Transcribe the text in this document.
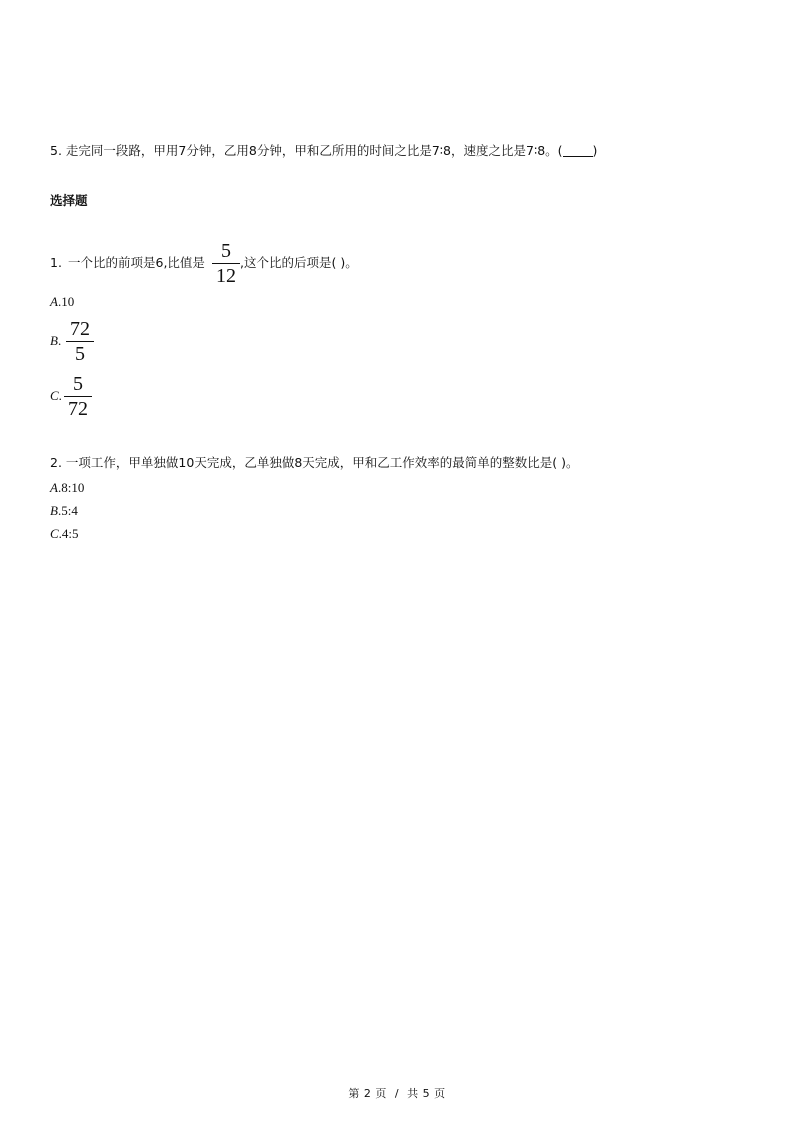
5. 走完同一段路，甲用7分钟，乙用8分钟，甲和乙所用的时间之比是7∶8，速度之比是7∶8。( )
选择题
1. 一个比的前项是6,比值是
5
12
,这个比的后项是( )。
A.10
B.
72
5
C.
5
72
2. 一项工作，甲单独做10天完成，乙单独做8天完成，甲和乙工作效率的最简单的整数比是( )。
A.8:10
B.5:4
C.4:5
第 2 页  /  共 5 页
